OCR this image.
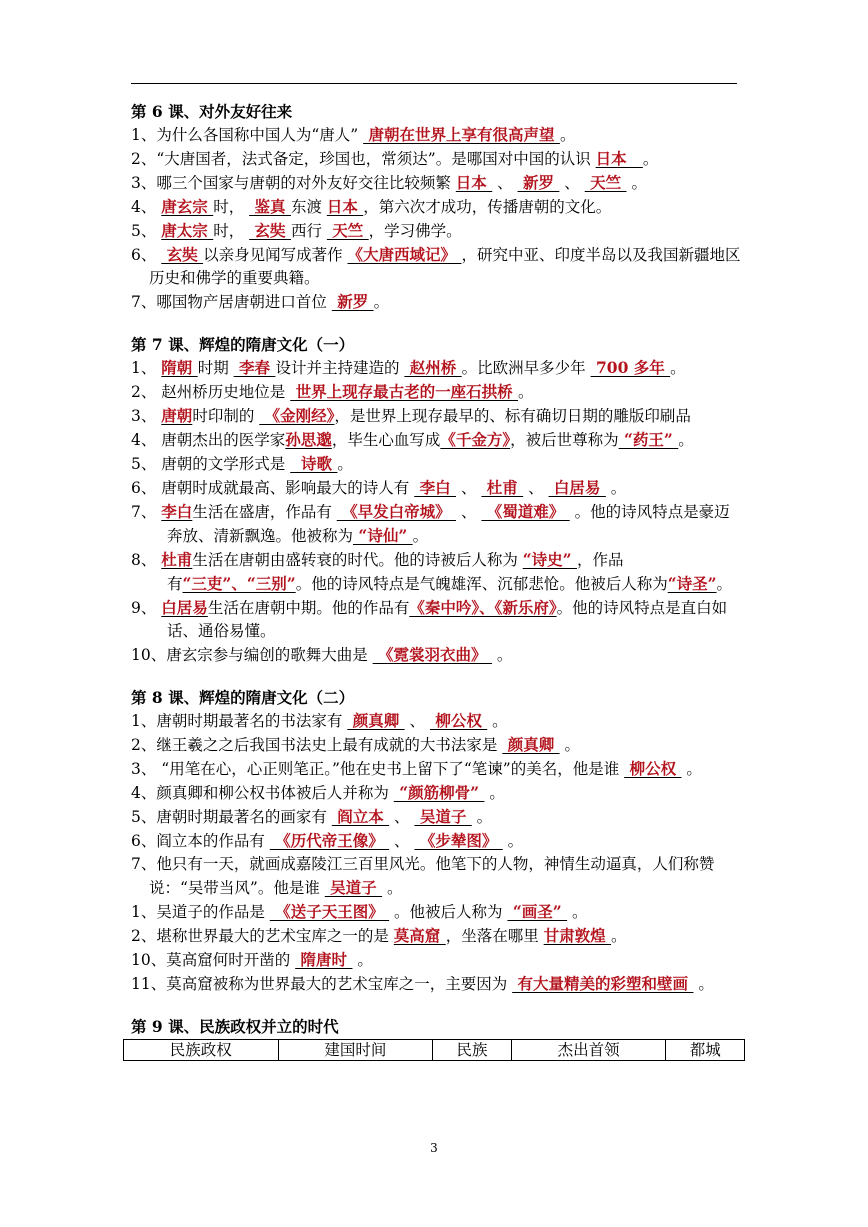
第 6 课、对外友好往来
1、为什么各国称中国人为“唐人”  唐朝在世界上享有很高声望 。
2、“大唐国者，法式备定，珍国也，常须达”。是哪国对中国的认识 日本   。
3、哪三个国家与唐朝的对外友好交往比较频繁 日本  、  新罗  、  天竺  。
4、 唐玄宗 时，  鉴真 东渡 日本 ，第六次才成功，传播唐朝的文化。
5、 唐太宗 时，  玄奘 西行  天竺 ，学习佛学。
6、  玄奘 以亲身见闻写成著作 《大唐西域记》 ，研究中亚、印度半岛以及我国新疆地区历史和佛学的重要典籍。
7、哪国物产居唐朝进口首位  新罗 。
第 7 课、辉煌的隋唐文化（一）
1、 隋朝 时期  李春 设计并主持建造的  赵州桥 。比欧洲早多少年  700 多年 。
2、 赵州桥历史地位是  世界上现存最古老的一座石拱桥 。
3、 唐朝时印制的  《金刚经》，是世界上现存最早的、标有确切日期的雕版印刷品
4、 唐朝杰出的医学家孙思邈，毕生心血写成《千金方》，被后世尊称为 “药王” 。
5、 唐朝的文学形式是   诗歌 。
6、 唐朝时成就最高、影响最大的诗人有  李白  、  杜甫  、  白居易  。
7、 李白生活在盛唐，作品有  《早发白帝城》  、  《蜀道难》  。他的诗风特点是豪迈奔放、清新飘逸。他被称为 “诗仙” 。
8、 杜甫生活在唐朝由盛转衰的时代。他的诗被后人称为 “诗史” ，作品有“三吏”、“三别”。他的诗风特点是气魄雄浑、沉郁悲怆。他被后人称为“诗圣”。
9、 白居易生活在唐朝中期。他的作品有《秦中吟》、《新乐府》。他的诗风特点是直白如话、通俗易懂。
10、唐玄宗参与编创的歌舞大曲是  《霓裳羽衣曲》  。
第 8 课、辉煌的隋唐文化（二）
1、唐朝时期最著名的书法家有  颜真卿  、  柳公权  。
2、继王羲之之后我国书法史上最有成就的大书法家是  颜真卿  。
3、 “用笔在心，心正则笔正。”他在史书上留下了“笔谏”的美名，他是谁  柳公权  。
4、颜真卿和柳公权书体被后人并称为  “颜筋柳骨”  。
5、唐朝时期最著名的画家有  阎立本  、  吴道子  。
6、阎立本的作品有  《历代帝王像》  、  《步辇图》  。
7、他只有一天，就画成嘉陵江三百里风光。他笔下的人物，神情生动逼真，人们称赞说：“吴带当风”。他是谁  吴道子  。
1、吴道子的作品是  《送子天王图》  。他被后人称为  “画圣”  。
2、堪称世界最大的艺术宝库之一的是 莫高窟 ，坐落在哪里 甘肃敦煌 。
10、莫高窟何时开凿的  隋唐时  。
11、莫高窟被称为世界最大的艺术宝库之一，主要因为  有大量精美的彩塑和壁画  。
第 9 课、民族政权并立的时代
民族政权	建国时间	民族	杰出首领	都城
3
